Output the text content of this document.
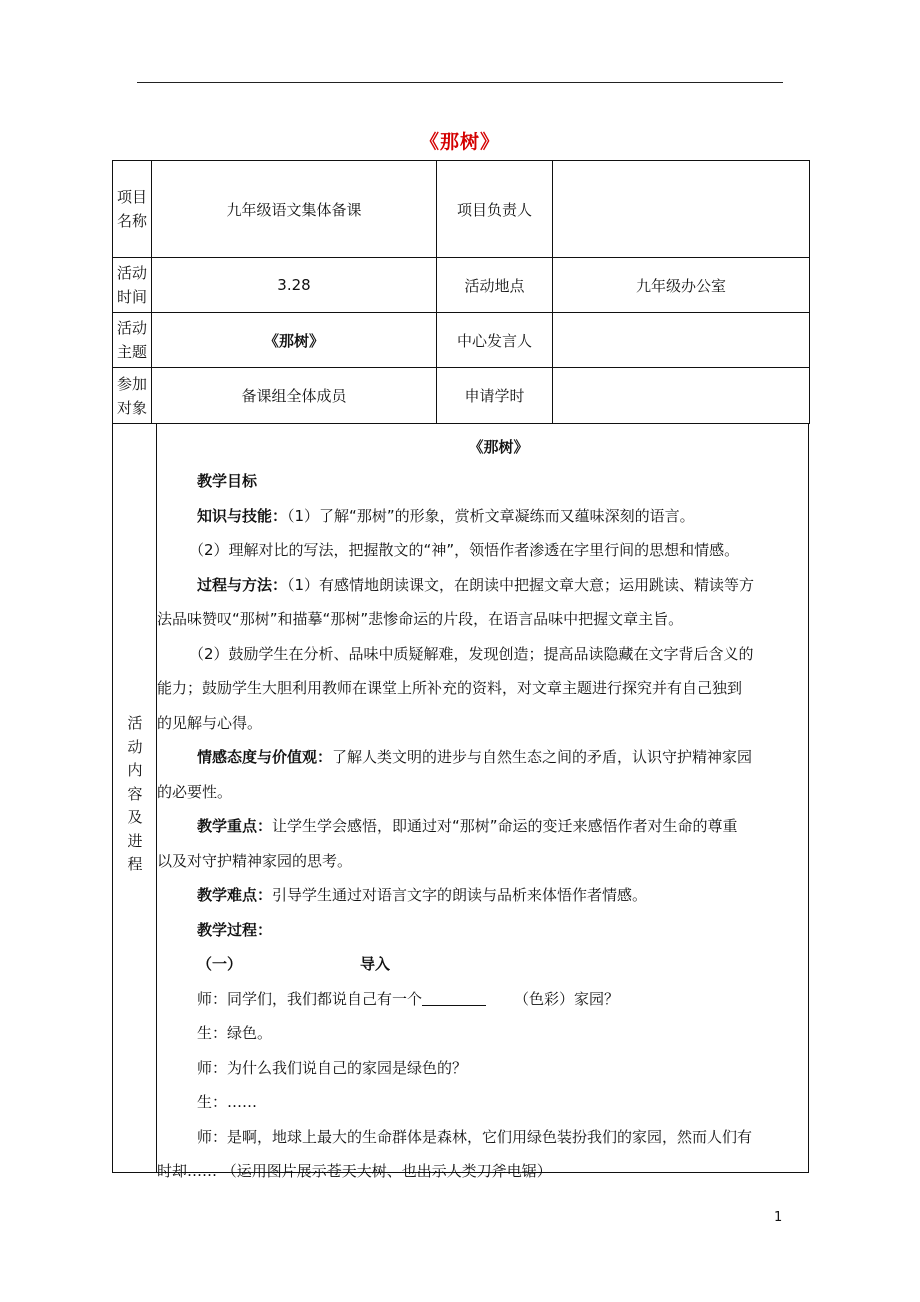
《那树》
项目
名称	九年级语文集体备课	项目负责人	
活动
时间	3.28	活动地点	九年级办公室
活动
主题	《那树》	中心发言人	
参加
对象	备课组全体成员	申请学时	
活
动
内
容
及
进
程

《那树》

教学目标

知识与技能：（1）了解“那树”的形象，赏析文章凝练而又蕴味深刻的语言。

（2）理解对比的写法，把握散文的“神”，领悟作者渗透在字里行间的思想和情感。

过程与方法：（1）有感情地朗读课文，在朗读中把握文章大意；运用跳读、精读等方

法品味赞叹“那树”和描摹“那树”悲惨命运的片段，在语言品味中把握文章主旨。

（2）鼓励学生在分析、品味中质疑解难，发现创造；提高品读隐藏在文字背后含义的

能力；鼓励学生大胆利用教师在课堂上所补充的资料，对文章主题进行探究并有自己独到

的见解与心得。

情感态度与价值观：了解人类文明的进步与自然生态之间的矛盾，认识守护精神家园

的必要性。

教学重点：让学生学会感悟，即通过对“那树”命运的变迁来感悟作者对生命的尊重

以及对守护精神家园的思考。

教学难点：引导学生通过对语言文字的朗读与品析来体悟作者情感。

教学过程：

（一）	导入

师：同学们，我们都说自己有一个	（色彩）家园？

生：绿色。

师：为什么我们说自己的家园是绿色的？

生：……

师：是啊，地球上最大的生命群体是森林，它们用绿色装扮我们的家园，然而人们有

时却…… （运用图片展示苍天大树、也出示人类刀斧电锯）

1
